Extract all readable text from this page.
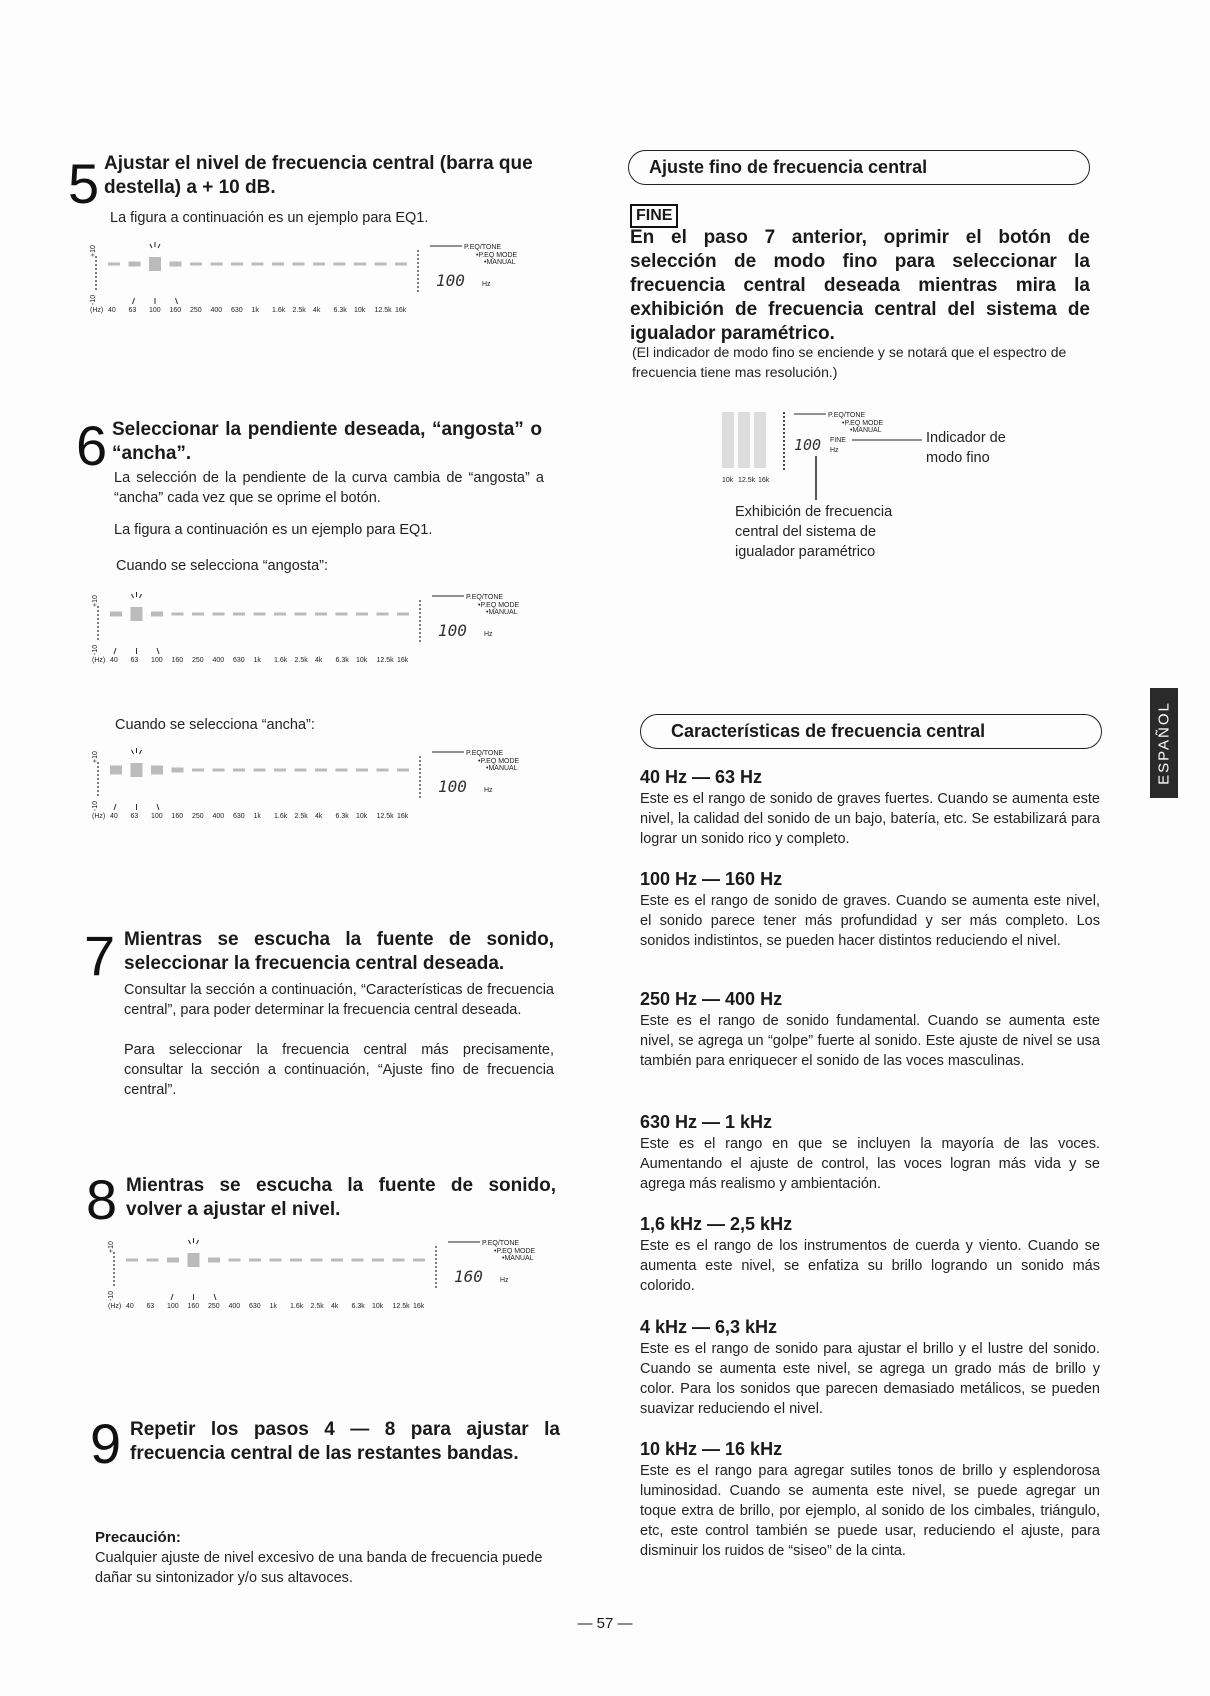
5 Ajustar el nivel de frecuencia central (barra que destella) a + 10 dB.
La figura a continuación es un ejemplo para EQ1.
+10
-10
40 63 100 160 250 400 630 1k 1.6k 2.5k 4k 6.3k 10k 12.5k 16k
(Hz)
P.EQ/TONE
•P.EQ MODE
•MANUAL
100 Hz
6 Seleccionar la pendiente deseada, “angosta” o “ancha”.
La selección de la pendiente de la curva cambia de “angosta” a “ancha” cada vez que se oprime el botón.
La figura a continuación es un ejemplo para EQ1.
Cuando se selecciona “angosta”:
+10
-10
40 63 100 160 250 400 630 1k 1.6k 2.5k 4k 6.3k 10k 12.5k 16k
(Hz)
P.EQ/TONE
•P.EQ MODE
•MANUAL
100 Hz
Cuando se selecciona “ancha”:
+10
-10
40 63 100 160 250 400 630 1k 1.6k 2.5k 4k 6.3k 10k 12.5k 16k
(Hz)
P.EQ/TONE
•P.EQ MODE
•MANUAL
100 Hz
7 Mientras se escucha la fuente de sonido, seleccionar la frecuencia central deseada.
Consultar la sección a continuación, “Características de frecuencia central”, para poder determinar la frecuencia central deseada.
Para seleccionar la frecuencia central más precisamente, consultar la sección a continuación, “Ajuste fino de frecuencia central”.
8 Mientras se escucha la fuente de sonido, volver a ajustar el nivel.
+10
-10
40 63 100 160 250 400 630 1k 1.6k 2.5k 4k 6.3k 10k 12.5k 16k
(Hz)
P.EQ/TONE
•P.EQ MODE
•MANUAL
160 Hz
9 Repetir los pasos 4 — 8 para ajustar la frecuencia central de las restantes bandas.
Precaución:
Cualquier ajuste de nivel excesivo de una banda de frecuencia puede dañar su sintonizador y/o sus altavoces.
Ajuste fino de frecuencia central
FINE
En el paso 7 anterior, oprimir el botón de selección de modo fino para seleccionar la frecuencia central deseada mientras mira la exhibición de frecuencia central del sistema de igualador paramétrico.
(El indicador de modo fino se enciende y se notará que el espectro de frecuencia tiene mas resolución.)
10k 12.5k 16k
P.EQ/TONE
•P.EQ MODE
•MANUAL
100 FINE
Hz
Indicador de modo fino
Exhibición de frecuencia central del sistema de igualador paramétrico
Características de frecuencia central
40 Hz — 63 Hz

Este es el rango de sonido de graves fuertes. Cuando se aumenta este nivel, la calidad del sonido de un bajo, batería, etc. Se estabilizará para lograr un sonido rico y completo.

100 Hz — 160 Hz

Este es el rango de sonido de graves. Cuando se aumenta este nivel, el sonido parece tener más profundidad y ser más completo. Los sonidos indistintos, se pueden hacer distintos reduciendo el nivel.

250 Hz — 400 Hz

Este es el rango de sonido fundamental. Cuando se aumenta este nivel, se agrega un “golpe” fuerte al sonido. Este ajuste de nivel se usa también para enriquecer el sonido de las voces masculinas.

630 Hz — 1 kHz

Este es el rango en que se incluyen la mayoría de las voces. Aumentando el ajuste de control, las voces logran más vida y se agrega más realismo y ambientación.

1,6 kHz — 2,5 kHz

Este es el rango de los instrumentos de cuerda y viento. Cuando se aumenta este nivel, se enfatiza su brillo logrando un sonido más colorido.

4 kHz — 6,3 kHz

Este es el rango de sonido para ajustar el brillo y el lustre del sonido. Cuando se aumenta este nivel, se agrega un grado más de brillo y color. Para los sonidos que parecen demasiado metálicos, se pueden suavizar reduciendo el nivel.

10 kHz — 16 kHz

Este es el rango para agregar sutiles tonos de brillo y esplendorosa luminosidad. Cuando se aumenta este nivel, se puede agregar un toque extra de brillo, por ejemplo, al sonido de los cimbales, triángulo, etc, este control también se puede usar, reduciendo el ajuste, para disminuir los ruidos de “siseo” de la cinta.

ESPAÑOL
— 57 —
